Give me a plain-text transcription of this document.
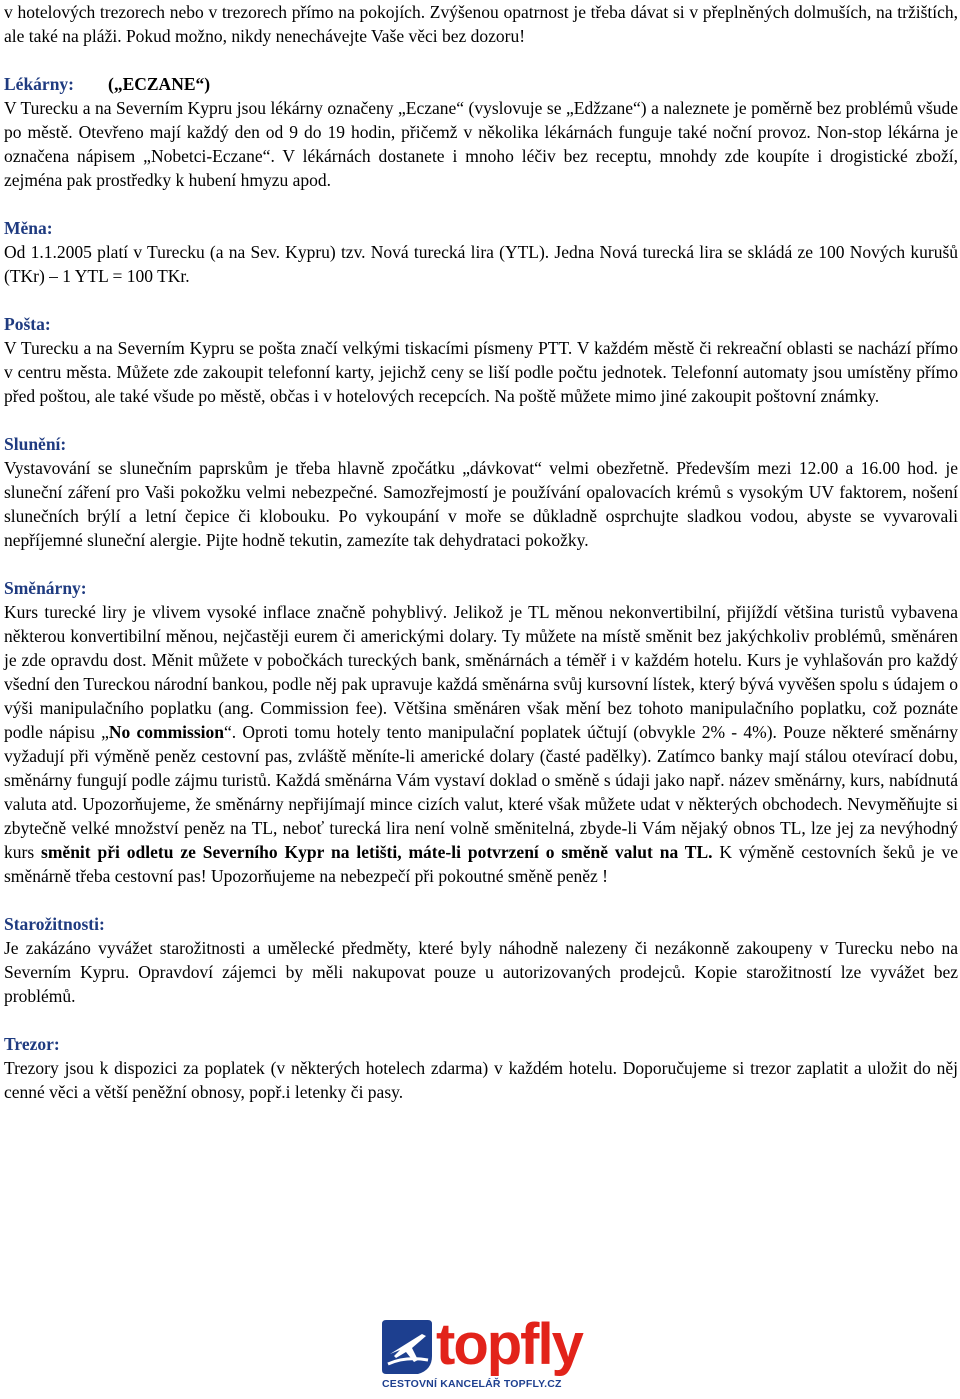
v hotelových trezorech nebo v trezorech přímo na pokojích. Zvýšenou opatrnost je třeba dávat si v přeplněných dolmuších, na tržištích, ale také na pláži. Pokud možno, nikdy nenechávejte Vaše věci bez dozoru!

Lékárny: („ECZANE“)

V Turecku a na Severním Kypru jsou lékárny označeny „Eczane“ (vyslovuje se „Edžzane“) a naleznete je poměrně bez problémů všude po městě. Otevřeno mají každý den od 9 do 19 hodin, přičemž v několika lékárnách funguje také noční provoz. Non-stop lékárna je označena nápisem „Nobetci-Eczane“. V lékárnách dostanete i mnoho léčiv bez receptu, mnohdy zde koupíte i drogistické zboží, zejména pak prostředky k hubení hmyzu apod.

Měna:

Od 1.1.2005 platí v Turecku (a na Sev. Kypru) tzv. Nová turecká lira (YTL). Jedna Nová turecká lira se skládá ze 100 Nových kurušů (TKr) – 1 YTL = 100 TKr.

Pošta:

V Turecku a na Severním Kypru se pošta značí velkými tiskacími písmeny PTT. V každém městě či rekreační oblasti se nachází přímo v centru města. Můžete zde zakoupit telefonní karty, jejichž ceny se liší podle počtu jednotek. Telefonní automaty jsou umístěny přímo před poštou, ale také všude po městě, občas i v hotelových recepcích. Na poště můžete mimo jiné zakoupit poštovní známky.

Slunění:

Vystavování se slunečním paprskům je třeba hlavně zpočátku „dávkovat“ velmi obezřetně. Především mezi 12.00 a 16.00 hod. je sluneční záření pro Vaši pokožku velmi nebezpečné. Samozřejmostí je používání opalovacích krémů s vysokým UV faktorem, nošení slunečních brýlí a letní čepice či klobouku. Po vykoupání v moře se důkladně osprchujte sladkou vodou, abyste se vyvarovali nepříjemné sluneční alergie. Pijte hodně tekutin, zamezíte tak dehydrataci pokožky.

Směnárny:

Kurs turecké liry je vlivem vysoké inflace značně pohyblivý. Jelikož je TL měnou nekonvertibilní, přijíždí většina turistů vybavena některou konvertibilní měnou, nejčastěji eurem či americkými dolary. Ty můžete na místě směnit bez jakýchkoliv problémů, směnáren je zde opravdu dost. Měnit můžete v pobočkách tureckých bank, směnárnách a téměř i v každém hotelu. Kurs je vyhlašován pro každý všední den Tureckou národní bankou, podle něj pak upravuje každá směnárna svůj kursovní lístek, který bývá vyvěšen spolu s údajem o výši manipulačního poplatku (ang. Commission fee). Většina směnáren však mění bez tohoto manipulačního poplatku, což poznáte podle nápisu „No commission“. Oproti tomu hotely tento manipulační poplatek účtují (obvykle 2% - 4%). Pouze některé směnárny vyžadují při výměně peněz cestovní pas, zvláště měníte-li americké dolary (časté padělky). Zatímco banky mají stálou otevírací dobu, směnárny fungují podle zájmu turistů. Každá směnárna Vám vystaví doklad o směně s údaji jako např. název směnárny, kurs, nabídnutá valuta atd. Upozorňujeme, že směnárny nepřijímají mince cizích valut, které však můžete udat v některých obchodech. Nevyměňujte si zbytečně velké množství peněz na TL, neboť turecká lira není volně směnitelná, zbyde-li Vám nějaký obnos TL, lze jej za nevýhodný kurs směnit při odletu ze Severního Kypr na letišti, máte-li potvrzení o směně valut na TL. K výměně cestovních šeků je ve směnárně třeba cestovní pas! Upozorňujeme na nebezpečí při pokoutné směně peněz !

Starožitnosti:

Je zakázáno vyvážet starožitnosti a umělecké předměty, které byly náhodně nalezeny či nezákonně zakoupeny v Turecku nebo na Severním Kypru. Opravdoví zájemci by měli nakupovat pouze u autorizovaných prodejců. Kopie starožitností lze vyvážet bez problémů.

Trezor:

Trezory jsou k dispozici za poplatek (v některých hotelech zdarma) v každém hotelu. Doporučujeme si trezor zaplatit a uložit do něj cenné věci a větší peněžní obnosy, popř.i letenky či pasy.

topfly
CESTOVNÍ KANCELÁŘ TOPFLY.CZ
